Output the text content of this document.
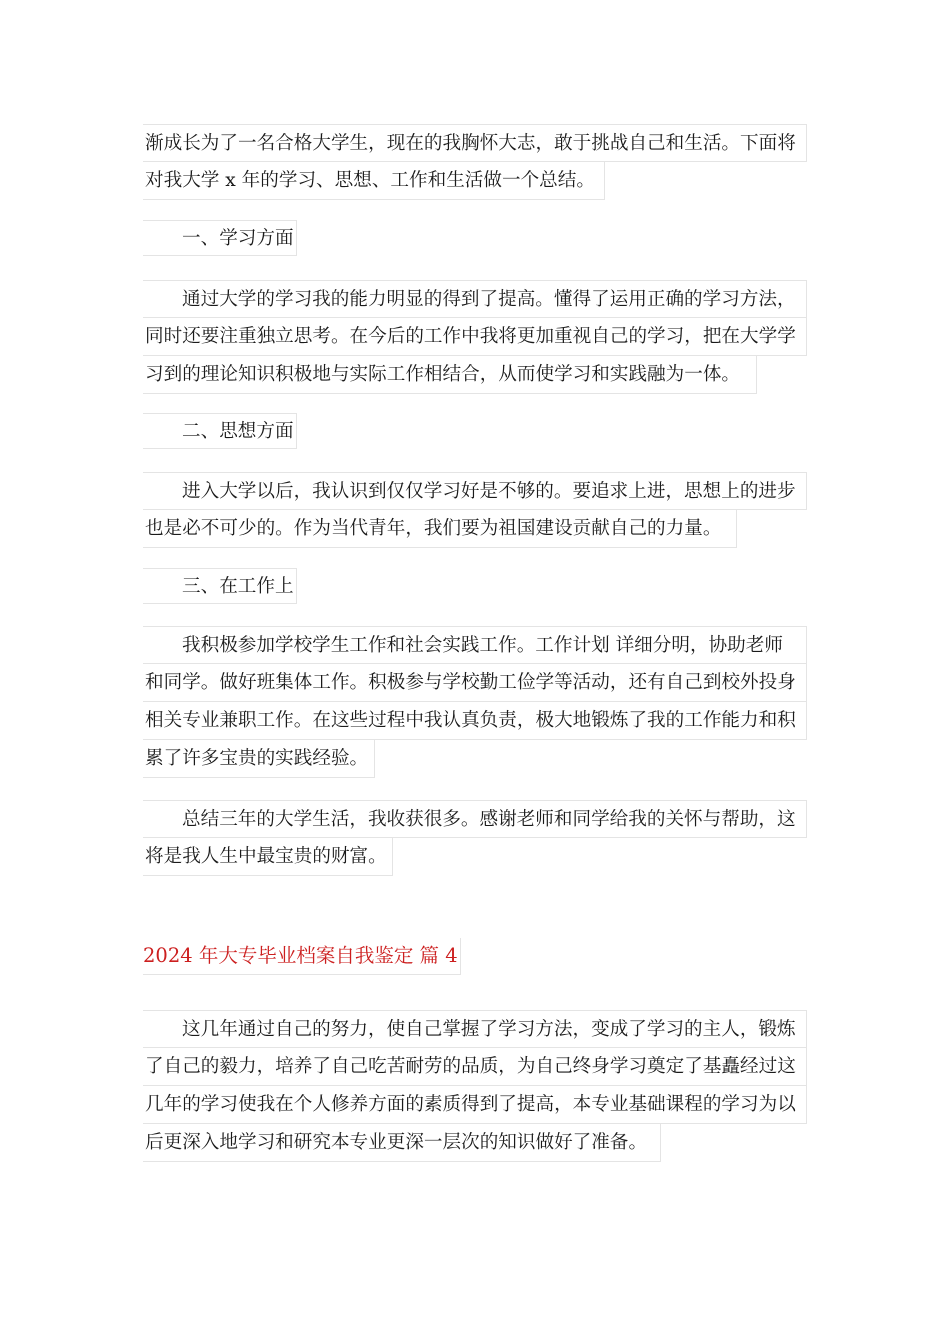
渐成长为了一名合格大学生，现在的我胸怀大志，敢于挑战自己和生活。下面将
对我大学 x 年的学习、思想、工作和生活做一个总结。
一、学习方面
通过大学的学习我的能力明显的得到了提高。懂得了运用正确的学习方法，
同时还要注重独立思考。在今后的工作中我将更加重视自己的学习，把在大学学
习到的理论知识积极地与实际工作相结合，从而使学习和实践融为一体。
二、思想方面
进入大学以后，我认识到仅仅学习好是不够的。要追求上进，思想上的进步
也是必不可少的。作为当代青年，我们要为祖国建设贡献自己的力量。
三、在工作上
我积极参加学校学生工作和社会实践工作。工作计划 详细分明，协助老师
和同学。做好班集体工作。积极参与学校勤工俭学等活动，还有自己到校外投身
相关专业兼职工作。在这些过程中我认真负责，极大地锻炼了我的工作能力和积
累了许多宝贵的实践经验。
总结三年的大学生活，我收获很多。感谢老师和同学给我的关怀与帮助，这
将是我人生中最宝贵的财富。
2024 年大专毕业档案自我鉴定 篇 4
这几年通过自己的努力，使自己掌握了学习方法，变成了学习的主人，锻炼
了自己的毅力，培养了自己吃苦耐劳的品质，为自己终身学习奠定了基矗经过这
几年的学习使我在个人修养方面的素质得到了提高，本专业基础课程的学习为以
后更深入地学习和研究本专业更深一层次的知识做好了准备。
